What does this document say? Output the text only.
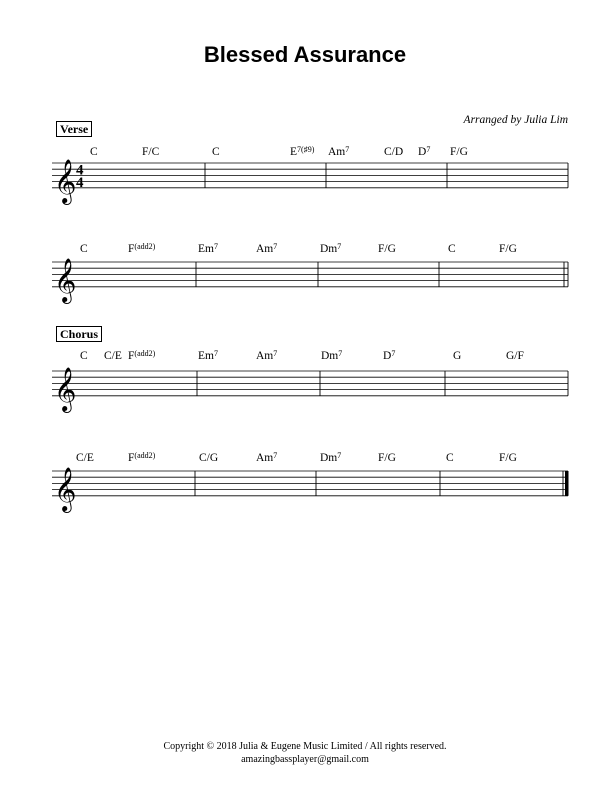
Blessed Assurance
Arranged by Julia Lim
Verse
Chorus
C	F/C	C	$E^{7(♯9)}$ Am$^7$	C/D $D^7$ F/G
C	$F^{(add2)}$	Em$^7$	Am$^7$	Dm$^7$	F/G	C	F/G
C C/E $F^{(add2)}$	Em$^7$	Am$^7$	Dm$^7$	$D^7$	G	G/F
C/E	$F^{(add2)}$	C/G	Am$^7$	Dm$^7$	F/G	C	F/G
𝄞 4
4
𝄞
𝄞
𝄞
Copyright © 2018 Julia & Eugene Music Limited / All rights reserved.
amazingbassplayer@gmail.com
